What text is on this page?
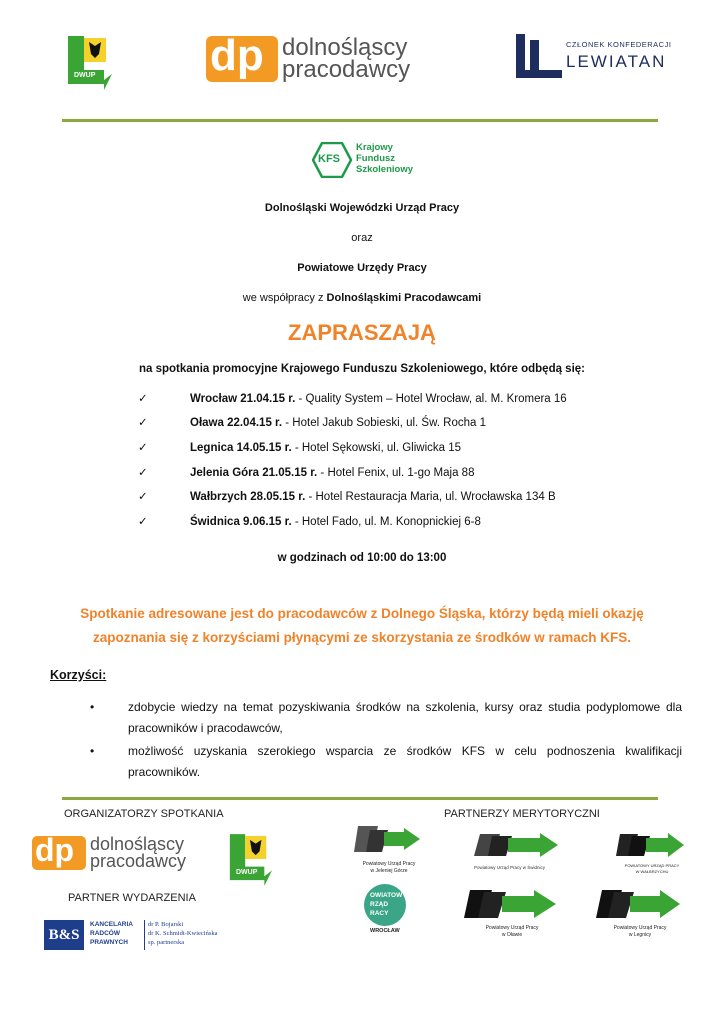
DWUP	dp dolnośląscy
pracodawcy
CZŁONEK KONFEDERACJI
LEWIATAN
KFS
Krajowy
Fundusz
Szkoleniowy
Dolnośląski Wojewódzki Urząd Pracy
oraz
Powiatowe Urzędy Pracy
we współpracy z Dolnośląskimi Pracodawcami
ZAPRASZAJĄ
na spotkania promocyjne Krajowego Funduszu Szkoleniowego, które odbędą się:
✓	Wrocław 21.04.15 r. - Quality System – Hotel Wrocław, al. M. Kromera 16
✓	Oława 22.04.15 r. - Hotel Jakub Sobieski, ul. Św. Rocha 1
✓	Legnica 14.05.15 r. - Hotel Sękowski, ul. Gliwicka 15
✓	Jelenia Góra 21.05.15 r. - Hotel Fenix, ul. 1-go Maja 88
✓	Wałbrzych 28.05.15 r. - Hotel Restauracja Maria, ul. Wrocławska 134 B
✓	Świdnica 9.06.15 r. - Hotel Fado, ul. M. Konopnickiej 6-8
w godzinach od 10:00 do 13:00
Spotkanie adresowane jest do pracodawców z Dolnego Śląska, którzy będą mieli okazję
zapoznania się z korzyściami płynącymi ze skorzystania ze środków w ramach KFS.
Korzyści:
•	zdobycie wiedzy na temat pozyskiwania środków na szkolenia, kursy oraz studia podyplomowe dla pracowników i pracodawców,
•	możliwość uzyskania szerokiego wsparcia ze środków KFS w celu podnoszenia kwalifikacji pracowników.
ORGANIZATORZY SPOTKANIA	PARTNERZY MERYTORYCZNI
dp dolnośląscy
pracodawcy
DWUP
Powiatowy Urząd Pracy
w Jeleniej Górze
Powiatowy Urząd Pracy w Świdnicy	POWIATOWY URZĄD PRACY
W WAŁBRZYCHU
PARTNER WYDARZENIA
B&S
KANCELARIA
RADCÓW
PRAWNYCH
dr P. Bojarski
dr K. Schmidt-Kwiecińska
sp. partnerska
OWIATOWY
RZĄD
RACY
WROCŁAW	Powiatowy Urząd Pracy
w Oławie
Powiatowy Urząd Pracy
w Legnicy
